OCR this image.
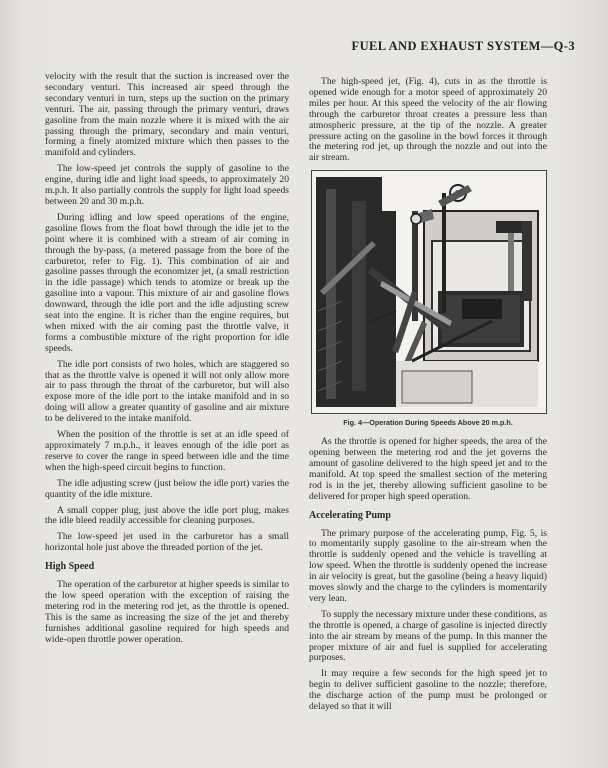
FUEL AND EXHAUST SYSTEM—Q-3

velocity with the result that the suction is increased over the secondary venturi. This increased air speed through the secondary venturi in turn, steps up the suction on the primary venturi. The air, passing through the primary venturi, draws gasoline from the main nozzle where it is mixed with the air passing through the primary, secondary and main venturi, forming a finely atomized mixture which then passes to the manifold and cylinders.

The low-speed jet controls the supply of gasoline to the engine, during idle and light load speeds, to approximately 20 m.p.h. It also partially controls the supply for light load speeds between 20 and 30 m.p.h.

During idling and low speed operations of the engine, gasoline flows from the float bowl through the idle jet to the point where it is combined with a stream of air coming in through the by-pass, (a metered passage from the bore of the carburetor, refer to Fig. 1). This combination of air and gasoline passes through the economizer jet, (a small restriction in the idle passage) which tends to atomize or break up the gasoline into a vapour. This mixture of air and gasoline flows downward, through the idle port and the idle adjusting screw seat into the engine. It is richer than the engine requires, but when mixed with the air coming past the throttle valve, it forms a combustible mixture of the right proportion for idle speeds.

The idle port consists of two holes, which are staggered so that as the throttle valve is opened it will not only allow more air to pass through the throat of the carburetor, but will also expose more of the idle port to the intake manifold and in so doing will allow a greater quantity of gasoline and air mixture to be delivered to the intake manifold.

When the position of the throttle is set at an idle speed of approximately 7 m.p.h., it leaves enough of the idle port as reserve to cover the range in speed between idle and the time when the high-speed circuit begins to function.

The idle adjusting screw (just below the idle port) varies the quantity of the idle mixture.

A small copper plug, just above the idle port plug, makes the idle bleed readily accessible for cleaning purposes.

The low-speed jet used in the carburetor has a small horizontal hole just above the threaded portion of the jet.

High Speed

The operation of the carburetor at higher speeds is similar to the low speed operation with the exception of raising the metering rod in the metering rod jet, as the throttle is opened. This is the same as increasing the size of the jet and thereby furnishes additional gasoline required for high speeds and wide-open throttle power operation.

The high-speed jet, (Fig. 4), cuts in as the throttle is opened wide enough for a motor speed of approximately 20 miles per hour. At this speed the velocity of the air flowing through the carburetor throat creates a pressure less than atmospheric pressure, at the tip of the nozzle. A greater pressure acting on the gasoline in the bowl forces it through the metering rod jet, up through the nozzle and out into the air stream.

Fig. 4—Operation During Speeds Above 20 m.p.h.

As the throttle is opened for higher speeds, the area of the opening between the metering rod and the jet governs the amount of gasoline delivered to the high speed jet and to the manifold. At top speed the smallest section of the metering rod is in the jet, thereby allowing sufficient gasoline to be delivered for proper high speed operation.

Accelerating Pump

The primary purpose of the accelerating pump, Fig. 5, is to momentarily supply gasoline to the air-stream when the throttle is suddenly opened and the vehicle is travelling at low speed. When the throttle is suddenly opened the increase in air velocity is great, but the gasoline (being a heavy liquid) moves slowly and the charge to the cylinders is momentarily very lean.

To supply the necessary mixture under these conditions, as the throttle is opened, a charge of gasoline is injected directly into the air stream by means of the pump. In this manner the proper mixture of air and fuel is supplied for accelerating purposes.

It may require a few seconds for the high speed jet to begin to deliver sufficient gasoline to the nozzle; therefore, the discharge action of the pump must be prolonged or delayed so that it will
